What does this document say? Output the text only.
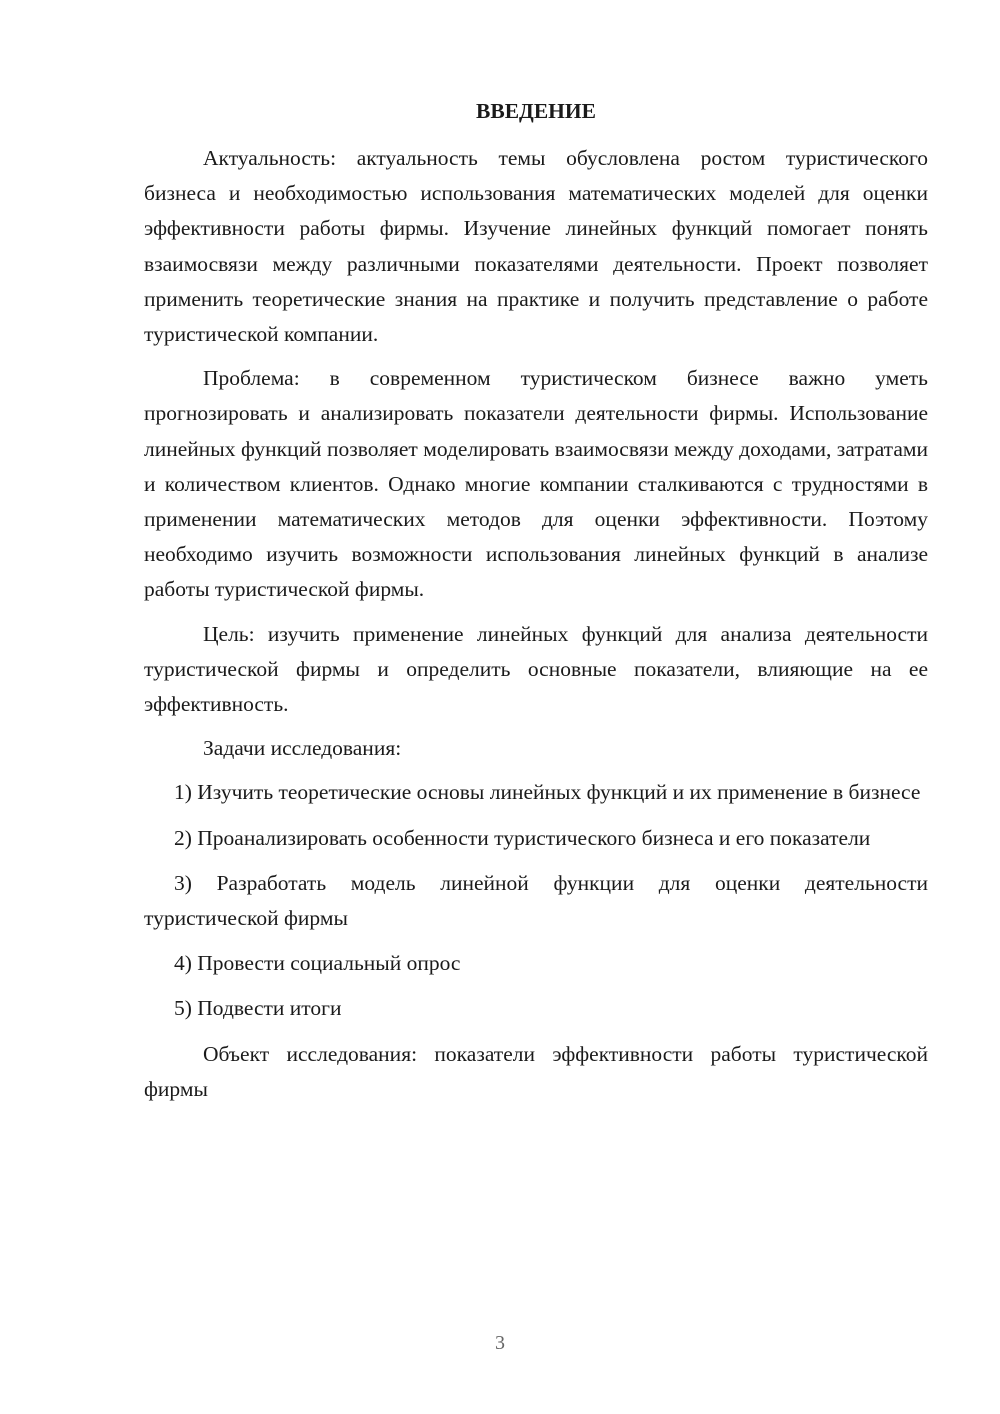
ВВЕДЕНИЕ

Актуальность: актуальность темы обусловлена ростом туристического бизнеса и необходимостью использования математических моделей для оценки эффективности работы фирмы. Изучение линейных функций помогает понять взаимосвязи между различными показателями деятельности. Проект позволяет применить теоретические знания на практике и получить представление о работе туристической компании.

Проблема: в современном туристическом бизнесе важно уметь прогнозировать и анализировать показатели деятельности фирмы. Использование линейных функций позволяет моделировать взаимосвязи между доходами, затратами и количеством клиентов. Однако многие компании сталкиваются с трудностями в применении математических методов для оценки эффективности. Поэтому необходимо изучить возможности использования линейных функций в анализе работы туристической фирмы.

Цель: изучить применение линейных функций для анализа деятельности туристической фирмы и определить основные показатели, влияющие на ее эффективность.

Задачи исследования:

1) Изучить теоретические основы линейных функций и их применение в бизнесе

2) Проанализировать особенности туристического бизнеса и его показатели

3) Разработать модель линейной функции для оценки деятельности туристической фирмы

4) Провести социальный опрос

5) Подвести итоги

Объект исследования: показатели эффективности работы туристической фирмы

3
